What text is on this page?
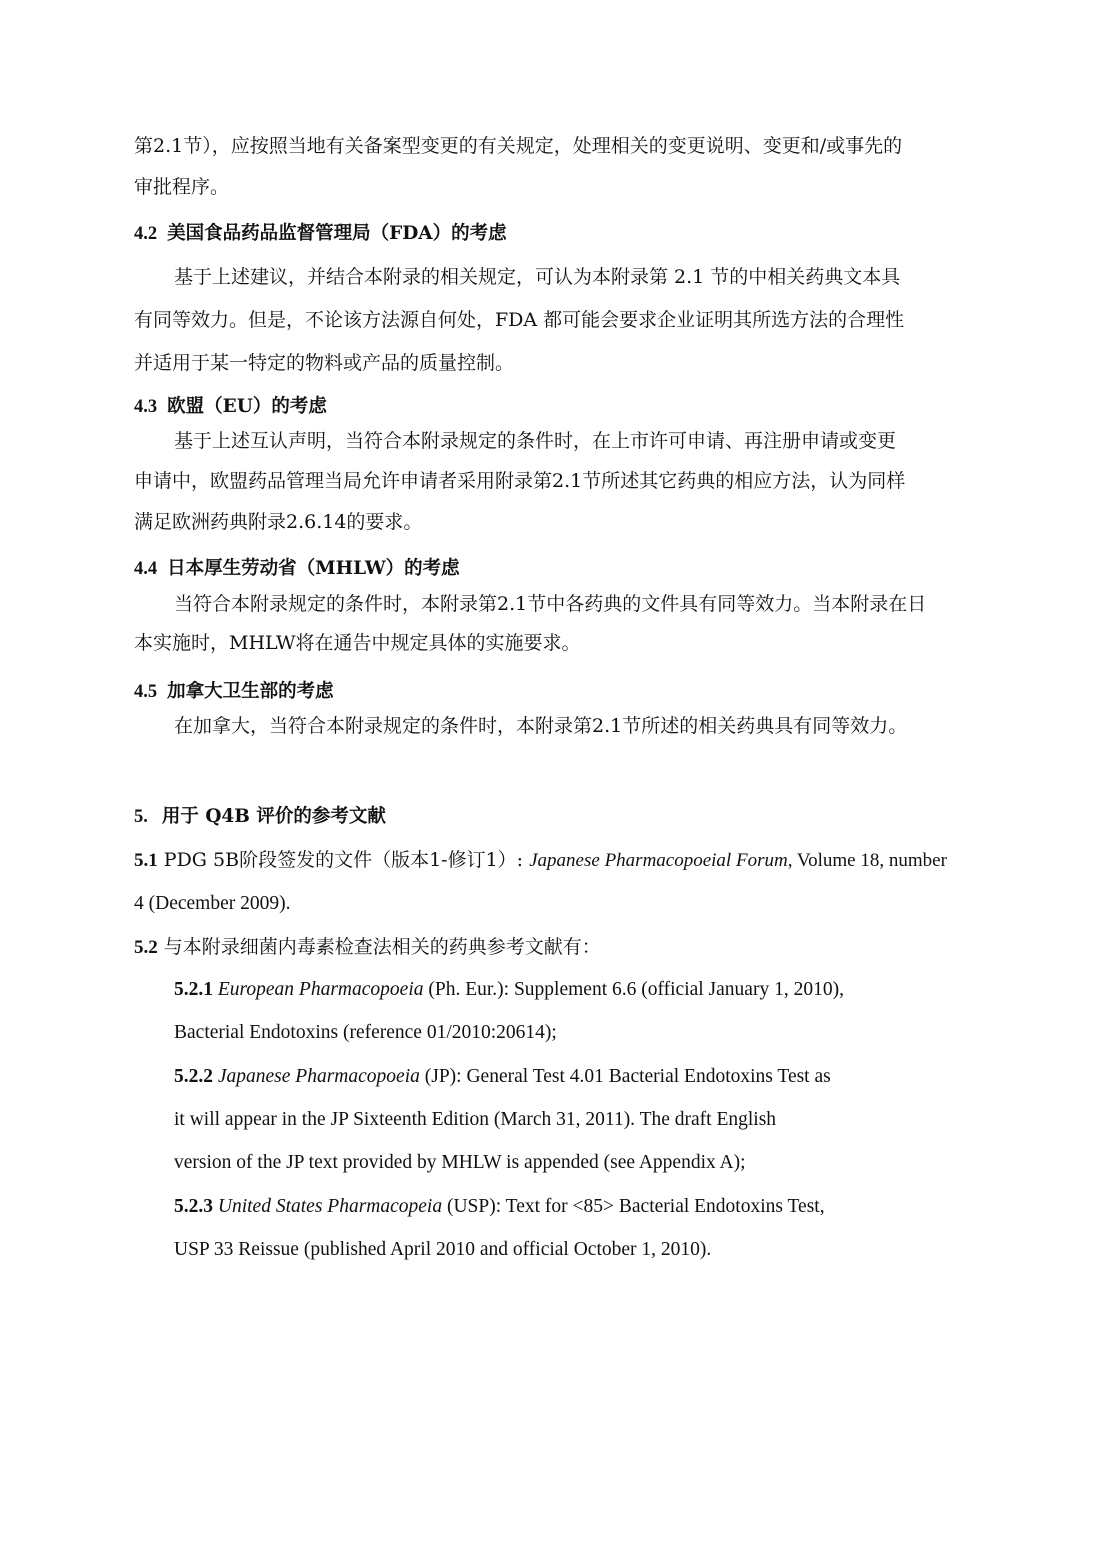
第2.1节），应按照当地有关备案型变更的有关规定，处理相关的变更说明、变更和/或事先的
审批程序。
4.2 美国食品药品监督管理局（FDA）的考虑
基于上述建议，并结合本附录的相关规定，可认为本附录第 2.1 节的中相关药典文本具
有同等效力。但是，不论该方法源自何处，FDA 都可能会要求企业证明其所选方法的合理性
并适用于某一特定的物料或产品的质量控制。
4.3 欧盟（EU）的考虑
基于上述互认声明，当符合本附录规定的条件时，在上市许可申请、再注册申请或变更
申请中，欧盟药品管理当局允许申请者采用附录第2.1节所述其它药典的相应方法，认为同样
满足欧洲药典附录2.6.14的要求。
4.4 日本厚生劳动省（MHLW）的考虑
当符合本附录规定的条件时，本附录第2.1节中各药典的文件具有同等效力。当本附录在日
本实施时，MHLW将在通告中规定具体的实施要求。
4.5 加拿大卫生部的考虑
在加拿大，当符合本附录规定的条件时，本附录第2.1节所述的相关药典具有同等效力。
5. 用于 Q4B 评价的参考文献
5.1 PDG 5B阶段签发的文件（版本1-修订1）: Japanese Pharmacopoeial Forum, Volume 18, number
4 (December 2009).
5.2 与本附录细菌内毒素检查法相关的药典参考文献有：
5.2.1 European Pharmacopoeia (Ph. Eur.): Supplement 6.6 (official January 1, 2010),
Bacterial Endotoxins (reference 01/2010:20614);
5.2.2 Japanese Pharmacopoeia (JP): General Test 4.01 Bacterial Endotoxins Test as
it will appear in the JP Sixteenth Edition (March 31, 2011). The draft English
version of the JP text provided by MHLW is appended (see Appendix A);
5.2.3 United States Pharmacopeia (USP): Text for <85> Bacterial Endotoxins Test,
USP 33 Reissue (published April 2010 and official October 1, 2010).
